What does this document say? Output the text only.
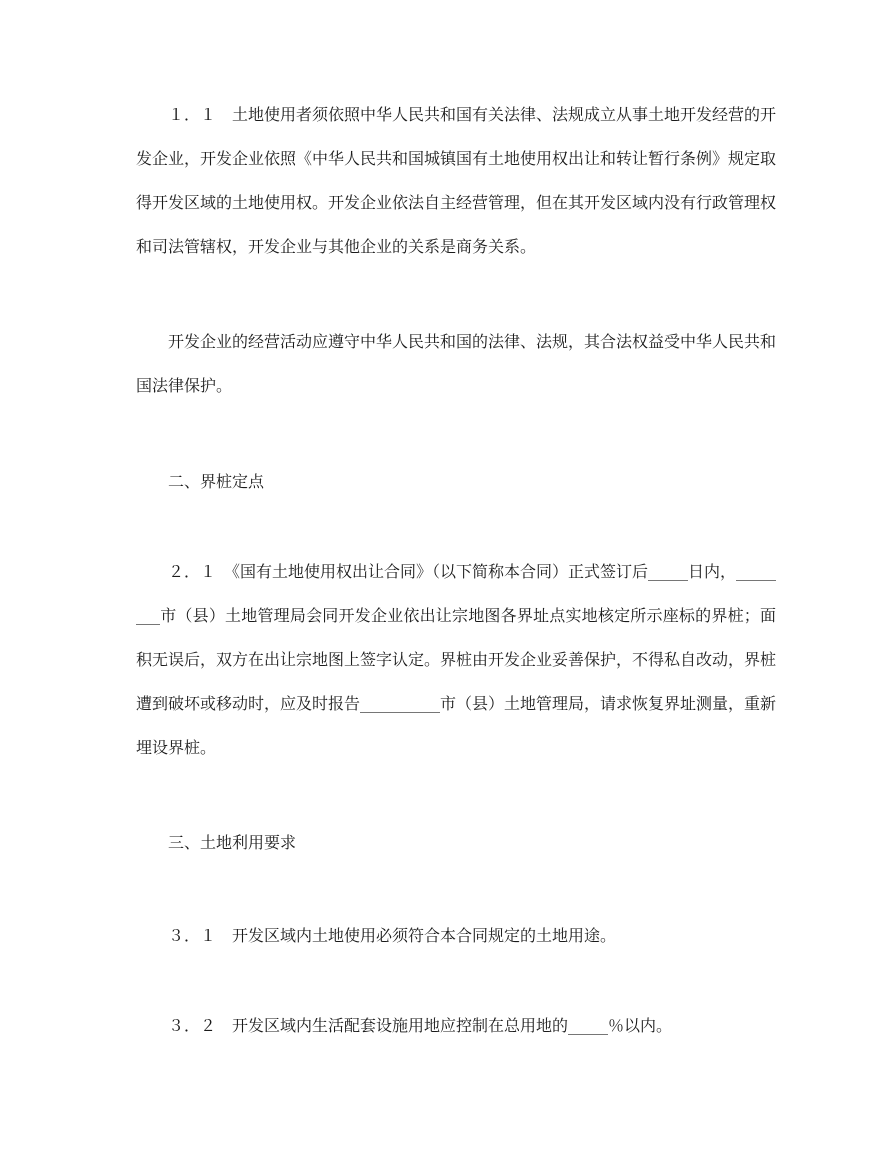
１．１　土地使用者须依照中华人民共和国有关法律、法规成立从事土地开发经营的开发企业，开发企业依照《中华人民共和国城镇国有土地使用权出让和转让暂行条例》规定取得开发区域的土地使用权。开发企业依法自主经营管理，但在其开发区域内没有行政管理权和司法管辖权，开发企业与其他企业的关系是商务关系。

开发企业的经营活动应遵守中华人民共和国的法律、法规，其合法权益受中华人民共和国法律保护。

二、界桩定点

２．１　《国有土地使用权出让合同》（以下简称本合同）正式签订后_____日内，________市（县）土地管理局会同开发企业依出让宗地图各界址点实地核定所示座标的界桩；面积无误后，双方在出让宗地图上签字认定。界桩由开发企业妥善保护，不得私自改动，界桩遭到破坏或移动时，应及时报告__________市（县）土地管理局，请求恢复界址测量，重新埋设界桩。

三、土地利用要求

３．１　开发区域内土地使用必须符合本合同规定的土地用途。

３．２　开发区域内生活配套设施用地应控制在总用地的_____％以内。
